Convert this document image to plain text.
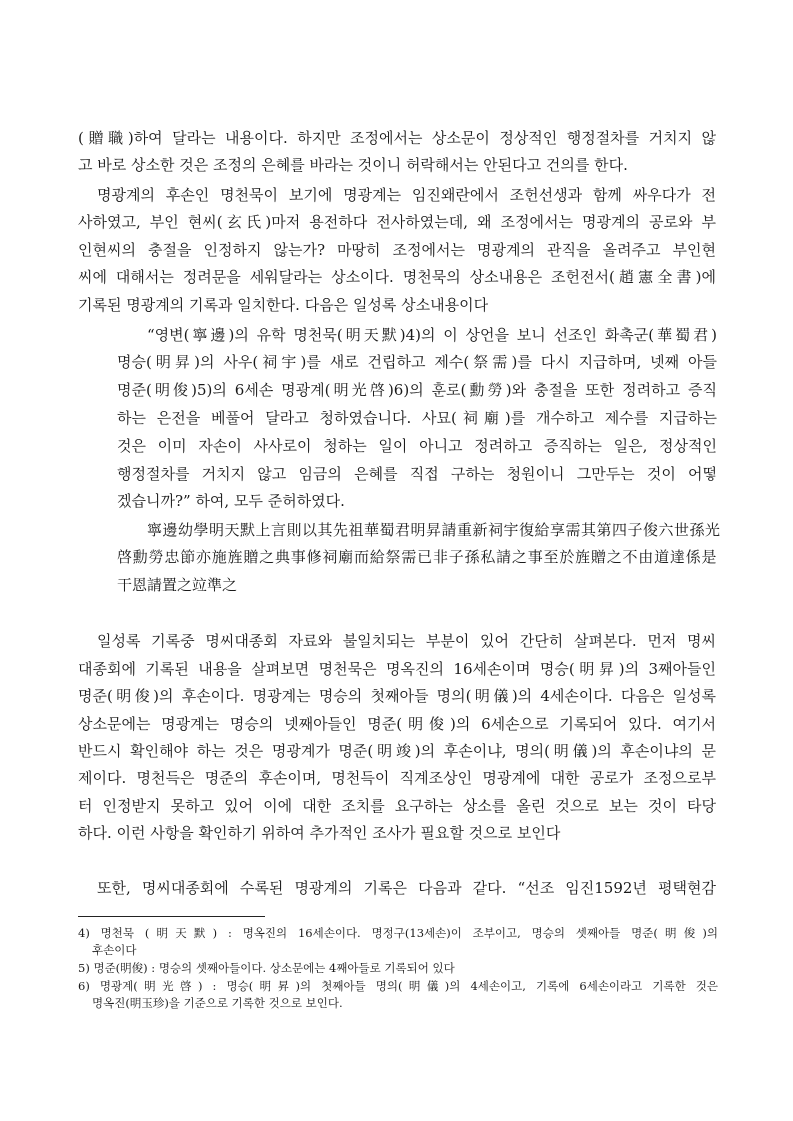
(贈職)하여 달라는 내용이다. 하지만 조정에서는 상소문이 정상적인 행정절차를 거치지 않
고 바로 상소한 것은 조정의 은혜를 바라는 것이니 허락해서는 안된다고 건의를 한다.
명광계의 후손인 명천묵이 보기에 명광계는 임진왜란에서 조헌선생과 함께 싸우다가 전
사하였고, 부인 현씨(玄氏)마저 용전하다 전사하였는데, 왜 조정에서는 명광계의 공로와 부
인현씨의 충절을 인정하지 않는가? 마땅히 조정에서는 명광계의 관직을 올려주고 부인현
씨에 대해서는 정려문을 세워달라는 상소이다. 명천묵의 상소내용은 조헌전서(趙憲全書)에
기록된 명광계의 기록과 일치한다. 다음은 일성록 상소내용이다
“영변(寧邊)의 유학 명천묵(明天默)4)의 이 상언을 보니 선조인 화촉군(華蜀君)
명승(明昇)의 사우(祠宇)를 새로 건립하고 제수(祭需)를 다시 지급하며, 넷째 아들
명준(明俊)5)의 6세손 명광계(明光啓)6)의 훈로(勳勞)와 충절을 또한 정려하고 증직
하는 은전을 베풀어 달라고 청하였습니다. 사묘(祠廟)를 개수하고 제수를 지급하는
것은 이미 자손이 사사로이 청하는 일이 아니고 정려하고 증직하는 일은, 정상적인
행정절차를 거치지 않고 임금의 은혜를 직접 구하는 청원이니 그만두는 것이 어떻
겠습니까?” 하여, 모두 준허하였다.
寧邊幼學明天默上言則以其先祖華蜀君明昇請重新祠宇復給享需其第四子俊六世孫光
啓勳勞忠節亦施旌贈之典事修祠廟而給祭需已非子孫私請之事至於旌贈之不由道達係是
干恩請置之竝準之
일성록 기록중 명씨대종회 자료와 불일치되는 부분이 있어 간단히 살펴본다. 먼저 명씨
대종회에 기록된 내용을 살펴보면 명천묵은 명옥진의 16세손이며 명승(明昇)의 3째아들인
명준(明俊)의 후손이다. 명광계는 명승의 첫째아들 명의(明儀)의 4세손이다. 다음은 일성록
상소문에는 명광계는 명승의 넷째아들인 명준(明俊)의 6세손으로 기록되어 있다. 여기서
반드시 확인해야 하는 것은 명광계가 명준(明竣)의 후손이냐, 명의(明儀)의 후손이냐의 문
제이다. 명천득은 명준의 후손이며, 명천득이 직계조상인 명광계에 대한 공로가 조정으로부
터 인정받지 못하고 있어 이에 대한 조치를 요구하는 상소를 올린 것으로 보는 것이 타당
하다. 이런 사항을 확인하기 위하여 추가적인 조사가 필요할 것으로 보인다
또한, 명씨대종회에 수록된 명광계의 기록은 다음과 같다. “선조 임진1592년 평택현감
4) 명천묵 (明天默) : 명옥진의 16세손이다. 명정구(13세손)이 조부이고, 명승의 셋째아들 명준(明俊)의
후손이다
5) 명준(明俊) : 명승의 셋째아들이다. 상소문에는 4째아들로 기록되어 있다
6) 명광계(明光啓) : 명승(明昇)의 첫째아들 명의(明儀)의 4세손이고, 기록에 6세손이라고 기록한 것은
명옥진(明玉珍)을 기준으로 기록한 것으로 보인다.
